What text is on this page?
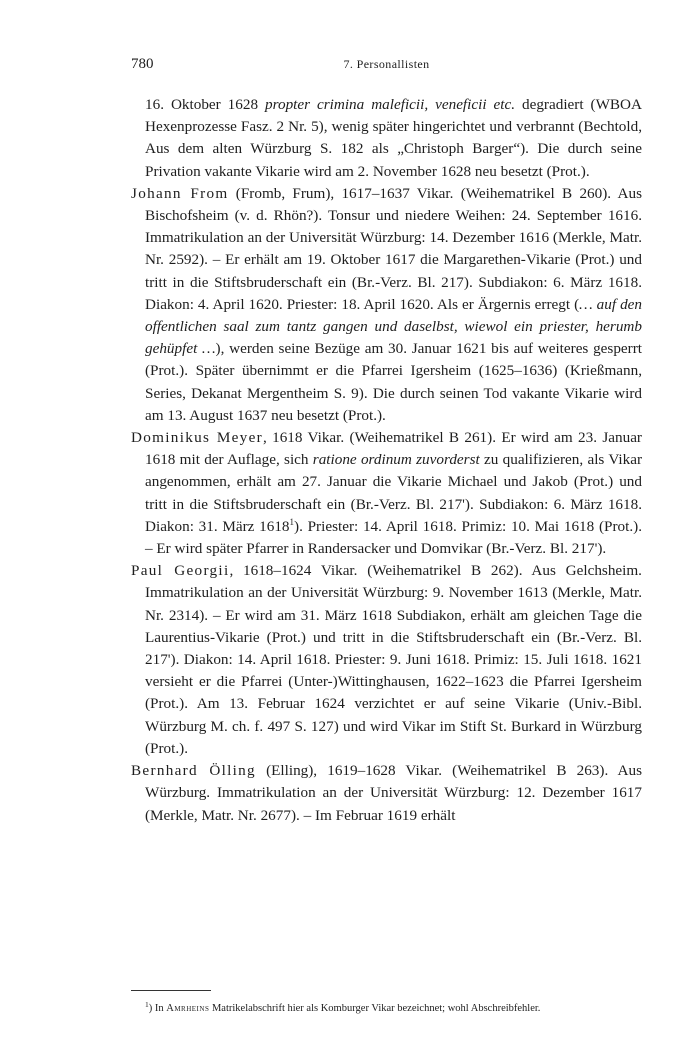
780	7. Personallisten

16. Oktober 1628 propter crimina maleficii, veneficii etc. degradiert (WBOA Hexenprozesse Fasz. 2 Nr. 5), wenig später hingerichtet und verbrannt (Bechtold, Aus dem alten Würzburg S. 182 als „Christoph Barger“). Die durch seine Privation vakante Vikarie wird am 2. November 1628 neu besetzt (Prot.).

Johann From (Fromb, Frum), 1617–1637 Vikar. (Weihematrikel B 260). Aus Bischofsheim (v. d. Rhön?). Tonsur und niedere Weihen: 24. September 1616. Immatrikulation an der Universität Würzburg: 14. Dezember 1616 (Merkle, Matr. Nr. 2592). – Er erhält am 19. Oktober 1617 die Margarethen-Vikarie (Prot.) und tritt in die Stiftsbruderschaft ein (Br.-Verz. Bl. 217). Subdiakon: 6. März 1618. Diakon: 4. April 1620. Priester: 18. April 1620. Als er Ärgernis erregt (… auf den offentlichen saal zum tantz gangen und daselbst, wiewol ein priester, herumb gehüpfet …), werden seine Bezüge am 30. Januar 1621 bis auf weiteres gesperrt (Prot.). Später übernimmt er die Pfarrei Igersheim (1625–1636) (Krießmann, Series, Dekanat Mergentheim S. 9). Die durch seinen Tod vakante Vikarie wird am 13. August 1637 neu besetzt (Prot.).

Dominikus Meyer, 1618 Vikar. (Weihematrikel B 261). Er wird am 23. Januar 1618 mit der Auflage, sich ratione ordinum zuvorderst zu qualifizieren, als Vikar angenommen, erhält am 27. Januar die Vikarie Michael und Jakob (Prot.) und tritt in die Stiftsbruderschaft ein (Br.-Verz. Bl. 217'). Subdiakon: 6. März 1618. Diakon: 31. März 1618$^1$). Priester: 14. April 1618. Primiz: 10. Mai 1618 (Prot.). – Er wird später Pfarrer in Randersacker und Domvikar (Br.-Verz. Bl. 217').

Paul Georgii, 1618–1624 Vikar. (Weihematrikel B 262). Aus Gelchsheim. Immatrikulation an der Universität Würzburg: 9. November 1613 (Merkle, Matr. Nr. 2314). – Er wird am 31. März 1618 Subdiakon, erhält am gleichen Tage die Laurentius-Vikarie (Prot.) und tritt in die Stiftsbruderschaft ein (Br.-Verz. Bl. 217'). Diakon: 14. April 1618. Priester: 9. Juni 1618. Primiz: 15. Juli 1618. 1621 versieht er die Pfarrei (Unter-)Wittinghausen, 1622–1623 die Pfarrei Igersheim (Prot.). Am 13. Februar 1624 verzichtet er auf seine Vikarie (Univ.-Bibl. Würzburg M. ch. f. 497 S. 127) und wird Vikar im Stift St. Burkard in Würzburg (Prot.).

Bernhard Ölling (Elling), 1619–1628 Vikar. (Weihematrikel B 263). Aus Würzburg. Immatrikulation an der Universität Würzburg: 12. Dezember 1617 (Merkle, Matr. Nr. 2677). – Im Februar 1619 erhält

$^1$) In Amrheins Matrikelabschrift hier als Komburger Vikar bezeichnet; wohl Abschreibfehler.
